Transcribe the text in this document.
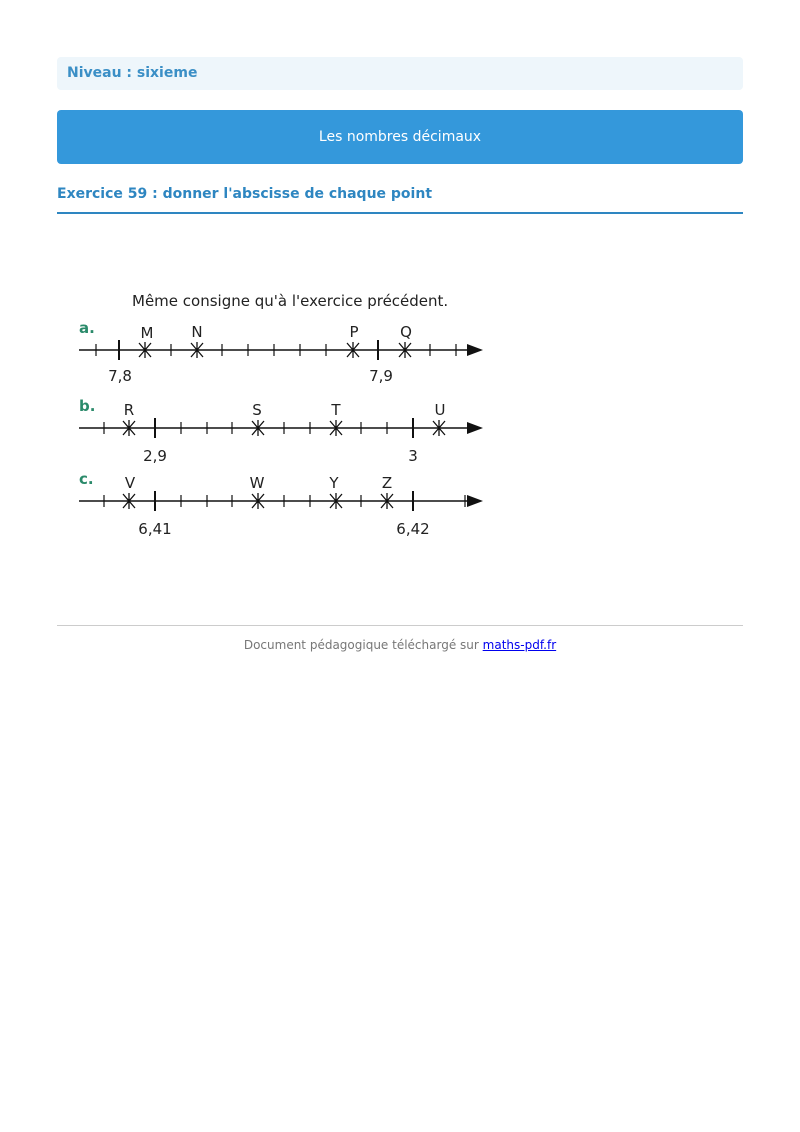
Niveau : sixieme
Les nombres décimaux
Exercice 59 : donner l'abscisse de chaque point
Même consigne qu'à l'exercice précédent.
a.	M	N	P	Q
7,8	7,9
b. R	S	T	U
2,9	3
c. V	W	Y	Z
6,41	6,42
Document pédagogique téléchargé sur maths-pdf.fr
